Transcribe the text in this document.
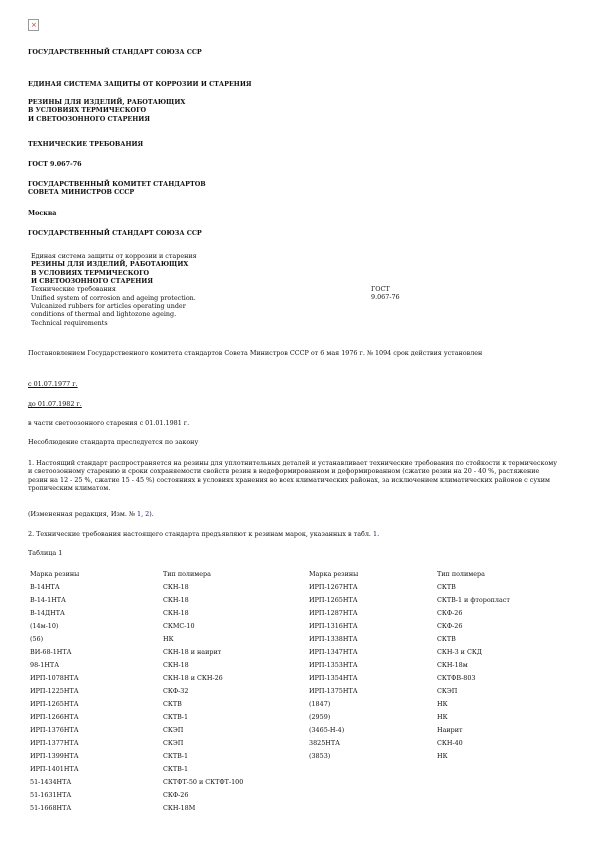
×
ГОСУДАРСТВЕННЫЙ СТАНДАРТ СОЮЗА ССР
ЕДИНАЯ СИСТЕМА ЗАЩИТЫ ОТ КОРРОЗИИ И СТАРЕНИЯ
РЕЗИНЫ ДЛЯ ИЗДЕЛИЙ, РАБОТАЮЩИХ
В УСЛОВИЯХ ТЕРМИЧЕСКОГО
И СВЕТООЗОННОГО СТАРЕНИЯ
ТЕХНИЧЕСКИЕ ТРЕБОВАНИЯ
ГОСТ 9.067-76
ГОСУДАРСТВЕННЫЙ КОМИТЕТ СТАНДАРТОВ
СОВЕТА МИНИСТРОВ СССР
Москва
ГОСУДАРСТВЕННЫЙ СТАНДАРТ СОЮЗА ССР
Единая система защиты от коррозии и старения
РЕЗИНЫ ДЛЯ ИЗДЕЛИЙ, РАБОТАЮЩИХ
В УСЛОВИЯХ ТЕРМИЧЕСКОГО
И СВЕТООЗОННОГО СТАРЕНИЯ
Технические требования
Unified system of corrosion and ageing protection.
Vulcanized rubbers for articles operating under
conditions of thermal and lightozone ageing.
Technical requirements
ГОСТ
9.067-76
Постановлением Государственного комитета стандартов Совета Министров СССР от 6 мая 1976 г. № 1094 срок действия установлен
с 01.07.1977 г.
до 01.07.1982 г.
в части светоозонного старения с 01.01.1981 г.
Несоблюдение стандарта преследуется по закону
1. Настоящий стандарт распространяется на резины для уплотнительных деталей и устанавливает технические требования по стойкости к термическому и светоозонному старению и сроки сохраняемости свойств резин в недеформированном и деформированном (сжатие резин на 20 - 40 %, растяжение резин на 12 - 25 %, сжатие 15 - 45 %) состояниях в условиях хранения во всех климатических районах, за исключением климатических районов с сухим тропическим климатом.
(Измененная редакция, Изм. № 1, 2).
2. Технические требования настоящего стандарта предъявляют к резинам марок, указанных в табл. 1.
Таблица 1
Марка резины	Тип полимера	Марка резины	Тип полимера
В-14НТА	СКН-18	ИРП-1267НТА	СКТВ
В-14-1НТА	СКН-18	ИРП-1265НТА	СКТВ-1 и фторопласт
В-14ДНТА	СКН-18	ИРП-1287НТА	СКФ-26
(14м-10)	СКМС-10	ИРП-1316НТА	СКФ-26
(56)	НК	ИРП-1338НТА	СКТВ
ВИ-68-1НТА	СКН-18 и наирит	ИРП-1347НТА	СКН-3 и СКД
98-1НТА	СКН-18	ИРП-1353НТА	СКН-18м
ИРП-1078НТА	СКН-18 и СКН-26	ИРП-1354НТА	СКТФВ-803
ИРП-1225НТА	СКФ-32	ИРП-1375НТА	СКЭП
ИРП-1265НТА	СКТВ	(1847)	НК
ИРП-1266НТА	СКТВ-1	(2959)	НК
ИРП-1376НТА	СКЭП	(3465-Н-4)	Наирит
ИРП-1377НТА	СКЭП	3825НТА	СКН-40
ИРП-1399НТА	СКТВ-1	(3853)	НК
ИРП-1401НТА	СКТВ-1		
51-1434НТА	СКТФТ-50 и СКТФТ-100		
51-1631НТА	СКФ-26		
51-1668НТА	СКН-18М		
